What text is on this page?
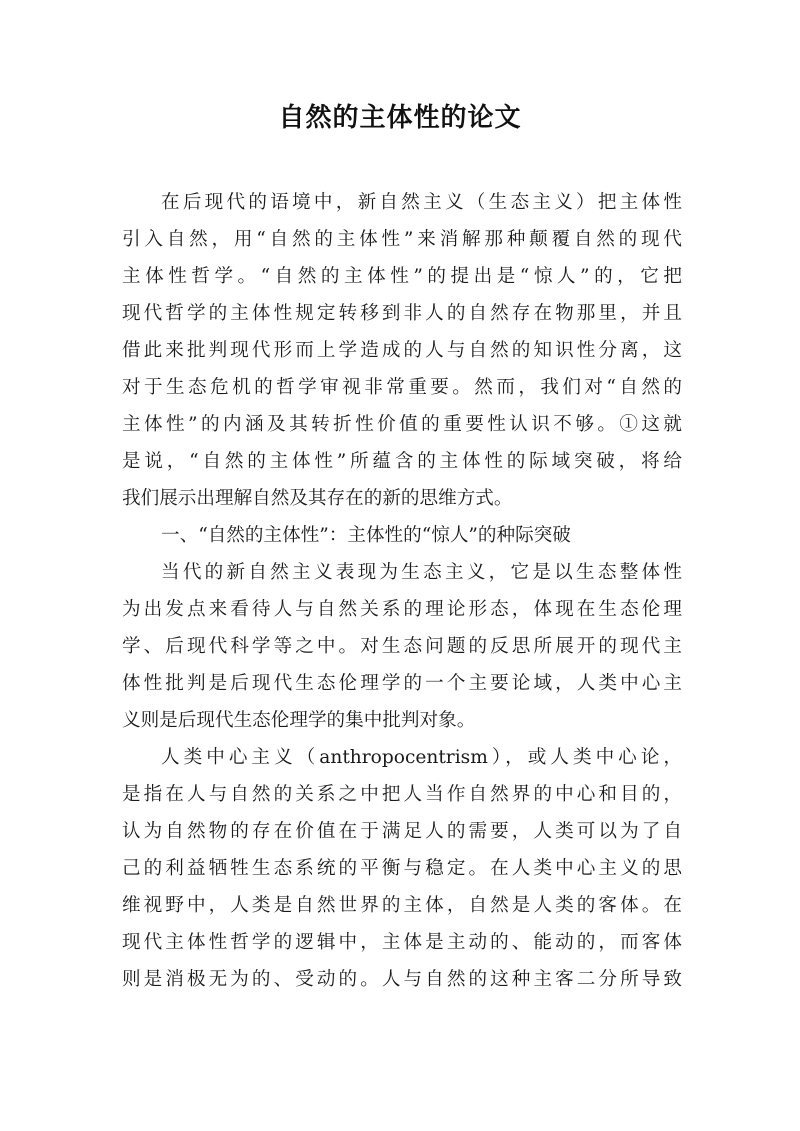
自然的主体性的论文
在后现代的语境中，新自然主义（生态主义）把主体性
引入自然，用“自然的主体性”来消解那种颠覆自然的现代
主体性哲学。“自然的主体性”的提出是“惊人”的，它把
现代哲学的主体性规定转移到非人的自然存在物那里，并且
借此来批判现代形而上学造成的人与自然的知识性分离，这
对于生态危机的哲学审视非常重要。然而，我们对“自然的
主体性”的内涵及其转折性价值的重要性认识不够。①这就
是说，“自然的主体性”所蕴含的主体性的际域突破，将给
我们展示出理解自然及其存在的新的思维方式。
一、“自然的主体性”：主体性的“惊人”的种际突破
当代的新自然主义表现为生态主义，它是以生态整体性
为出发点来看待人与自然关系的理论形态，体现在生态伦理
学、后现代科学等之中。对生态问题的反思所展开的现代主
体性批判是后现代生态伦理学的一个主要论域，人类中心主
义则是后现代生态伦理学的集中批判对象。
人类中心主义（anthropocentrism），或人类中心论，
是指在人与自然的关系之中把人当作自然界的中心和目的，
认为自然物的存在价值在于满足人的需要，人类可以为了自
己的利益牺牲生态系统的平衡与稳定。在人类中心主义的思
维视野中，人类是自然世界的主体，自然是人类的客体。在
现代主体性哲学的逻辑中，主体是主动的、能动的，而客体
则是消极无为的、受动的。人与自然的这种主客二分所导致
